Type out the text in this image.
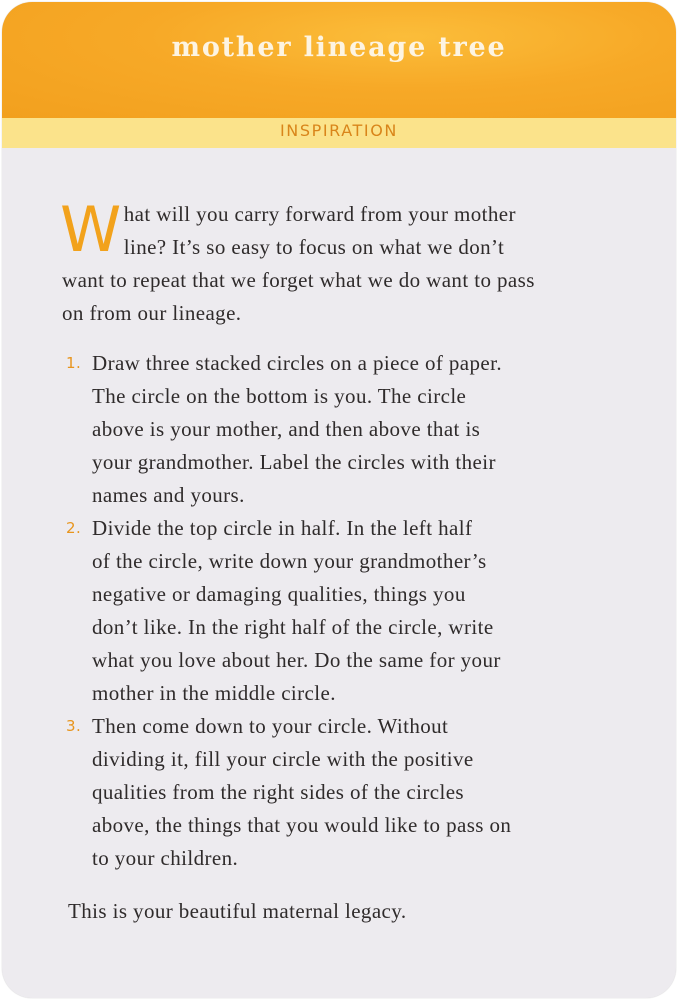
mother lineage tree
INSPIRATION
W hat will you carry forward from your mother
line? It’s so easy to focus on what we don’t
want to repeat that we forget what we do want to pass
on from our lineage.
1. Draw three stacked circles on a piece of paper.
The circle on the bottom is you. The circle
above is your mother, and then above that is
your grandmother. Label the circles with their
names and yours.
2. Divide the top circle in half. In the left half
of the circle, write down your grandmother’s
negative or damaging qualities, things you
don’t like. In the right half of the circle, write
what you love about her. Do the same for your
mother in the middle circle.
3. Then come down to your circle. Without
dividing it, fill your circle with the positive
qualities from the right sides of the circles
above, the things that you would like to pass on
to your children.
This is your beautiful maternal legacy.
